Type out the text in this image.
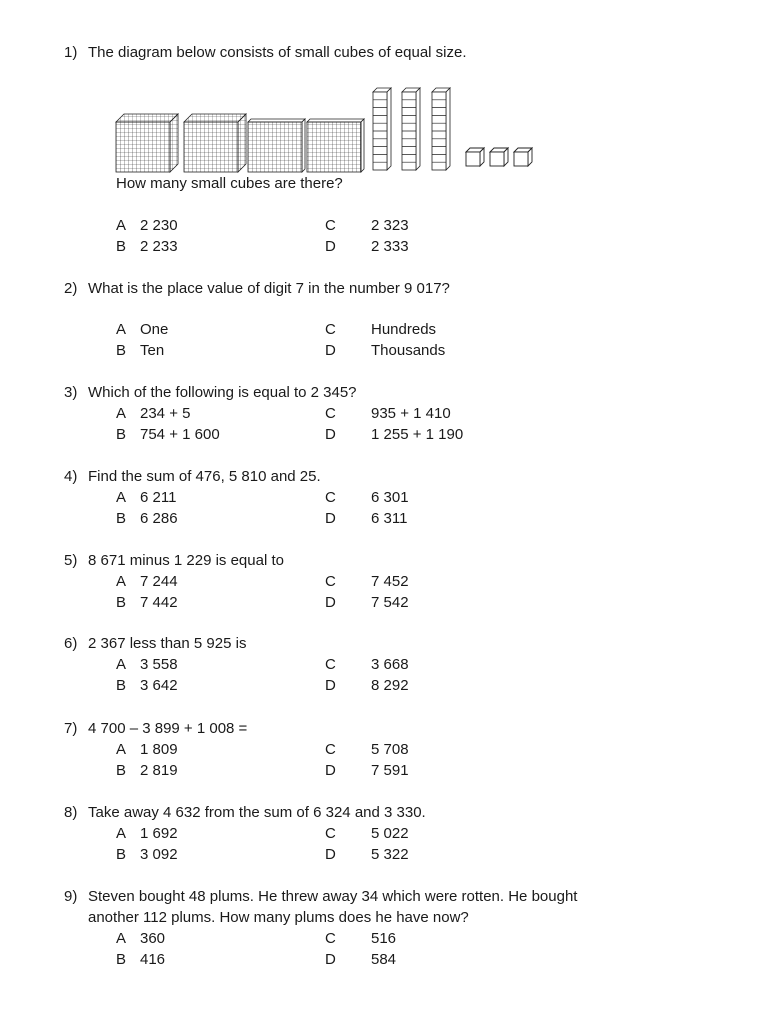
1) The diagram below consists of small cubes of equal size.
How many small cubes are there?
A 2 230	C 2 323
B 2 233	D 2 333
2) What is the place value of digit 7 in the number 9 017?
A One	C Hundreds
B Ten	D Thousands
3) Which of the following is equal to 2 345?
A 234 + 5	C 935 + 1 410
B 754 + 1 600	D 1 255 + 1 190
4) Find the sum of 476, 5 810 and 25.
A 6 211	C 6 301
B 6 286	D 6 311
5) 8 671 minus 1 229 is equal to
A 7 244	C 7 452
B 7 442	D 7 542
6) 2 367 less than 5 925 is
A 3 558	C 3 668
B 3 642	D 8 292
7) 4 700 – 3 899 + 1 008 =
A 1 809	C 5 708
B 2 819	D 7 591
8) Take away 4 632 from the sum of 6 324 and 3 330.
A 1 692	C 5 022
B 3 092	D 5 322
9) Steven bought 48 plums. He threw away 34 which were rotten. He bought
another 112 plums. How many plums does he have now?
A 360	C 516
B 416	D 584
